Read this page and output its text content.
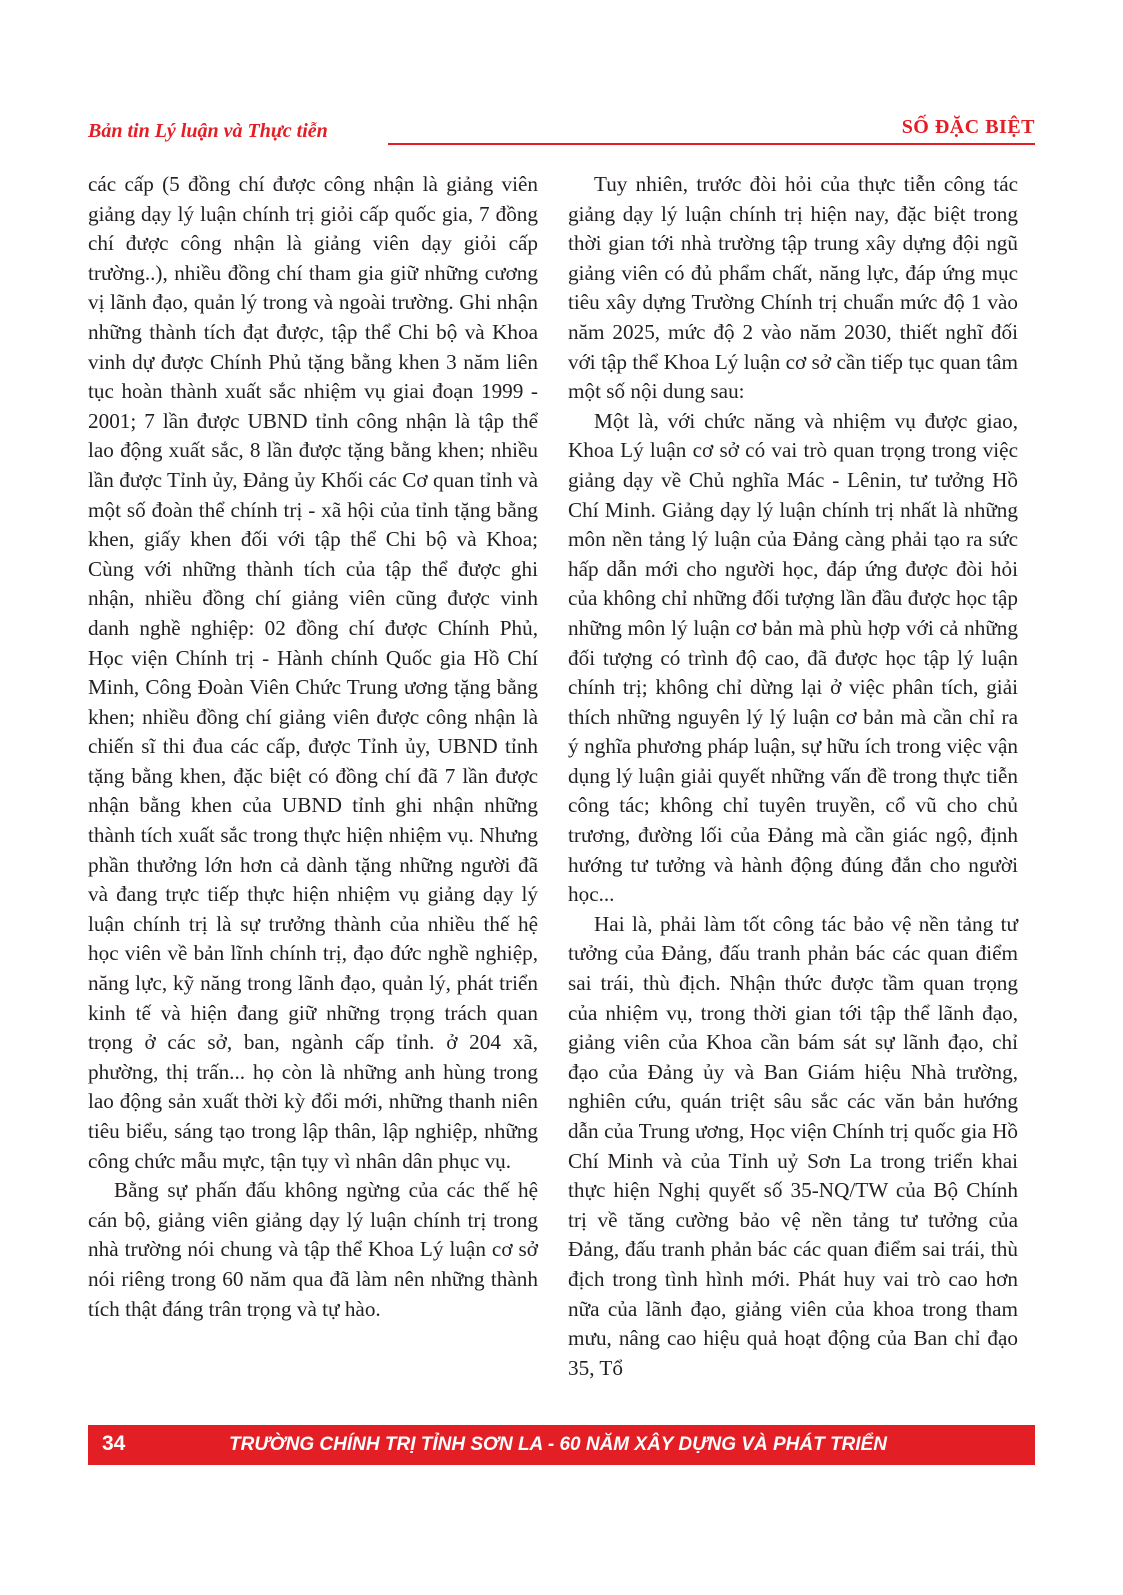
Bản tin Lý luận và Thực tiễn	SỐ ĐẶC BIỆT

các cấp (5 đồng chí được công nhận là giảng viên giảng dạy lý luận chính trị giỏi cấp quốc gia, 7 đồng chí được công nhận là giảng viên dạy giỏi cấp trường..), nhiều đồng chí tham gia giữ những cương vị lãnh đạo, quản lý trong và ngoài trường. Ghi nhận những thành tích đạt được, tập thể Chi bộ và Khoa vinh dự được Chính Phủ tặng bằng khen 3 năm liên tục hoàn thành xuất sắc nhiệm vụ giai đoạn 1999 - 2001; 7 lần được UBND tỉnh công nhận là tập thể lao động xuất sắc, 8 lần được tặng bằng khen; nhiều lần được Tỉnh ủy, Đảng ủy Khối các Cơ quan tỉnh và một số đoàn thể chính trị - xã hội của tỉnh tặng bằng khen, giấy khen đối với tập thể Chi bộ và Khoa; Cùng với những thành tích của tập thể được ghi nhận, nhiều đồng chí giảng viên cũng được vinh danh nghề nghiệp: 02 đồng chí được Chính Phủ, Học viện Chính trị - Hành chính Quốc gia Hồ Chí Minh, Công Đoàn Viên Chức Trung ương tặng bằng khen; nhiều đồng chí giảng viên được công nhận là chiến sĩ thi đua các cấp, được Tỉnh ủy, UBND tỉnh tặng bằng khen, đặc biệt có đồng chí đã 7 lần được nhận bằng khen của UBND tỉnh ghi nhận những thành tích xuất sắc trong thực hiện nhiệm vụ. Nhưng phần thưởng lớn hơn cả dành tặng những người đã và đang trực tiếp thực hiện nhiệm vụ giảng dạy lý luận chính trị là sự trưởng thành của nhiều thế hệ học viên về bản lĩnh chính trị, đạo đức nghề nghiệp, năng lực, kỹ năng trong lãnh đạo, quản lý, phát triển kinh tế và hiện đang giữ những trọng trách quan trọng ở các sở, ban, ngành cấp tỉnh. ở 204 xã, phường, thị trấn... họ còn là những anh hùng trong lao động sản xuất thời kỳ đổi mới, những thanh niên tiêu biểu, sáng tạo trong lập thân, lập nghiệp, những công chức mẫu mực, tận tụy vì nhân dân phục vụ.

Bằng sự phấn đấu không ngừng của các thế hệ cán bộ, giảng viên giảng dạy lý luận chính trị trong nhà trường nói chung và tập thể Khoa Lý luận cơ sở nói riêng trong 60 năm qua đã làm nên những thành tích thật đáng trân trọng và tự hào.

Tuy nhiên, trước đòi hỏi của thực tiễn công tác giảng dạy lý luận chính trị hiện nay, đặc biệt trong thời gian tới nhà trường tập trung xây dựng đội ngũ giảng viên có đủ phẩm chất, năng lực, đáp ứng mục tiêu xây dựng Trường Chính trị chuẩn mức độ 1 vào năm 2025, mức độ 2 vào năm 2030, thiết nghĩ đối với tập thể Khoa Lý luận cơ sở cần tiếp tục quan tâm một số nội dung sau:

Một là, với chức năng và nhiệm vụ được giao, Khoa Lý luận cơ sở có vai trò quan trọng trong việc giảng dạy về Chủ nghĩa Mác - Lênin, tư tưởng Hồ Chí Minh. Giảng dạy lý luận chính trị nhất là những môn nền tảng lý luận của Đảng càng phải tạo ra sức hấp dẫn mới cho người học, đáp ứng được đòi hỏi của không chỉ những đối tượng lần đầu được học tập những môn lý luận cơ bản mà phù hợp với cả những đối tượng có trình độ cao, đã được học tập lý luận chính trị; không chỉ dừng lại ở việc phân tích, giải thích những nguyên lý lý luận cơ bản mà cần chỉ ra ý nghĩa phương pháp luận, sự hữu ích trong việc vận dụng lý luận giải quyết những vấn đề trong thực tiễn công tác; không chỉ tuyên truyền, cổ vũ cho chủ trương, đường lối của Đảng mà cần giác ngộ, định hướng tư tưởng và hành động đúng đắn cho người học...

Hai là, phải làm tốt công tác bảo vệ nền tảng tư tưởng của Đảng, đấu tranh phản bác các quan điểm sai trái, thù địch. Nhận thức được tầm quan trọng của nhiệm vụ, trong thời gian tới tập thể lãnh đạo, giảng viên của Khoa cần bám sát sự lãnh đạo, chỉ đạo của Đảng ủy và Ban Giám hiệu Nhà trường, nghiên cứu, quán triệt sâu sắc các văn bản hướng dẫn của Trung ương, Học viện Chính trị quốc gia Hồ Chí Minh và của Tỉnh uỷ Sơn La trong triển khai thực hiện Nghị quyết số 35-NQ/TW của Bộ Chính trị về tăng cường bảo vệ nền tảng tư tưởng của Đảng, đấu tranh phản bác các quan điểm sai trái, thù địch trong tình hình mới. Phát huy vai trò cao hơn nữa của lãnh đạo, giảng viên của khoa trong tham mưu, nâng cao hiệu quả hoạt động của Ban chỉ đạo 35, Tổ

34	TRƯỜNG CHÍNH TRỊ TỈNH SƠN LA - 60 NĂM XÂY DỰNG VÀ PHÁT TRIỂN
